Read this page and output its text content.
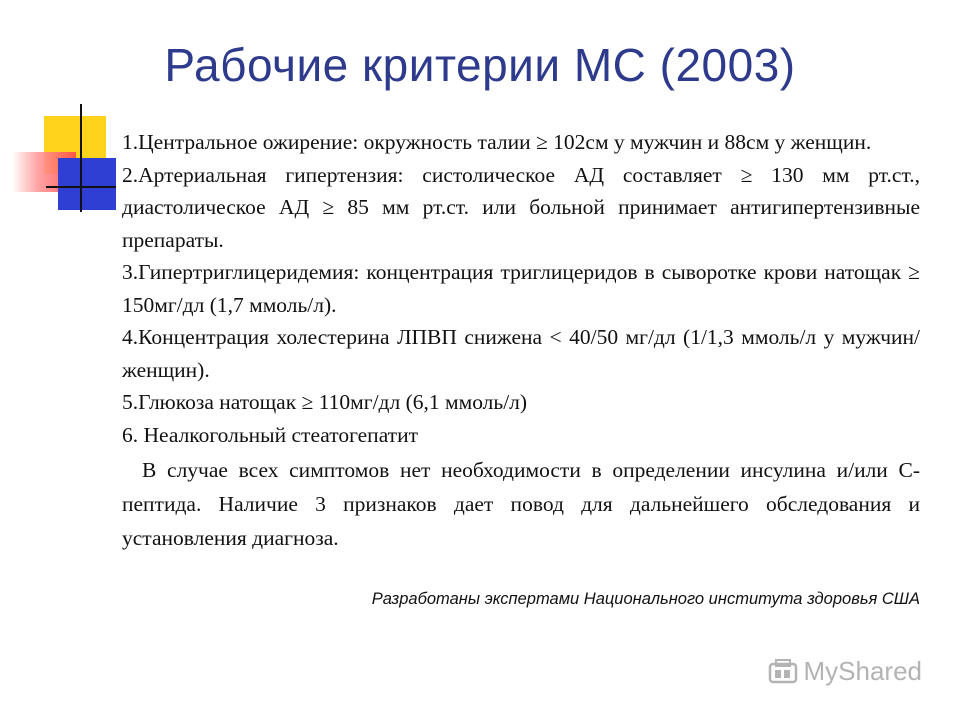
Рабочие критерии МС (2003)
1.Центральное ожирение: окружность талии ≥ 102см у мужчин и 88см у женщин.
2.Артериальная гипертензия: систолическое АД составляет ≥ 130 мм рт.ст., диастолическое АД ≥ 85 мм рт.ст. или больной принимает антигипертензивные препараты.
3.Гипертриглицеридемия: концентрация триглицеридов в сыворотке крови натощак ≥ 150мг/дл (1,7 ммоль/л).
4.Концентрация холестерина ЛПВП снижена < 40/50 мг/дл (1/1,3 ммоль/л у мужчин/женщин).
5.Глюкоза натощак ≥ 110мг/дл (6,1 ммоль/л)
6. Неалкогольный стеатогепатит
В случае всех симптомов нет необходимости в определении инсулина и/или С-пептида. Наличие 3 признаков дает повод для дальнейшего обследования и установления диагноза.
Разработаны экспертами Национального института здоровья США
MyShared
